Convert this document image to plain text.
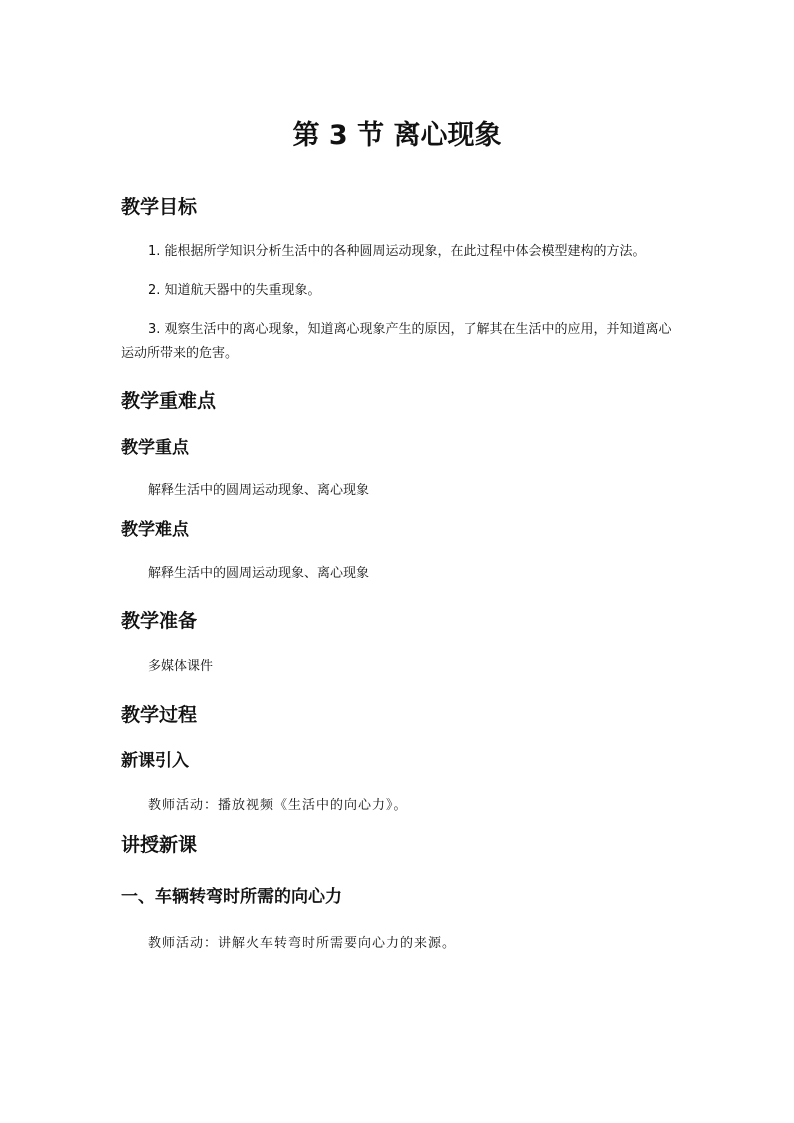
第 3 节 离心现象
教学目标
1. 能根据所学知识分析生活中的各种圆周运动现象，在此过程中体会模型建构的方法。
2. 知道航天器中的失重现象。
3. 观察生活中的离心现象，知道离心现象产生的原因，了解其在生活中的应用，并知道离心运动所带来的危害。
教学重难点
教学重点
解释生活中的圆周运动现象、离心现象
教学难点
解释生活中的圆周运动现象、离心现象
教学准备
多媒体课件
教学过程
新课引入
教师活动：播放视频《生活中的向心力》。
讲授新课
一、车辆转弯时所需的向心力
教师活动：讲解火车转弯时所需要向心力的来源。
